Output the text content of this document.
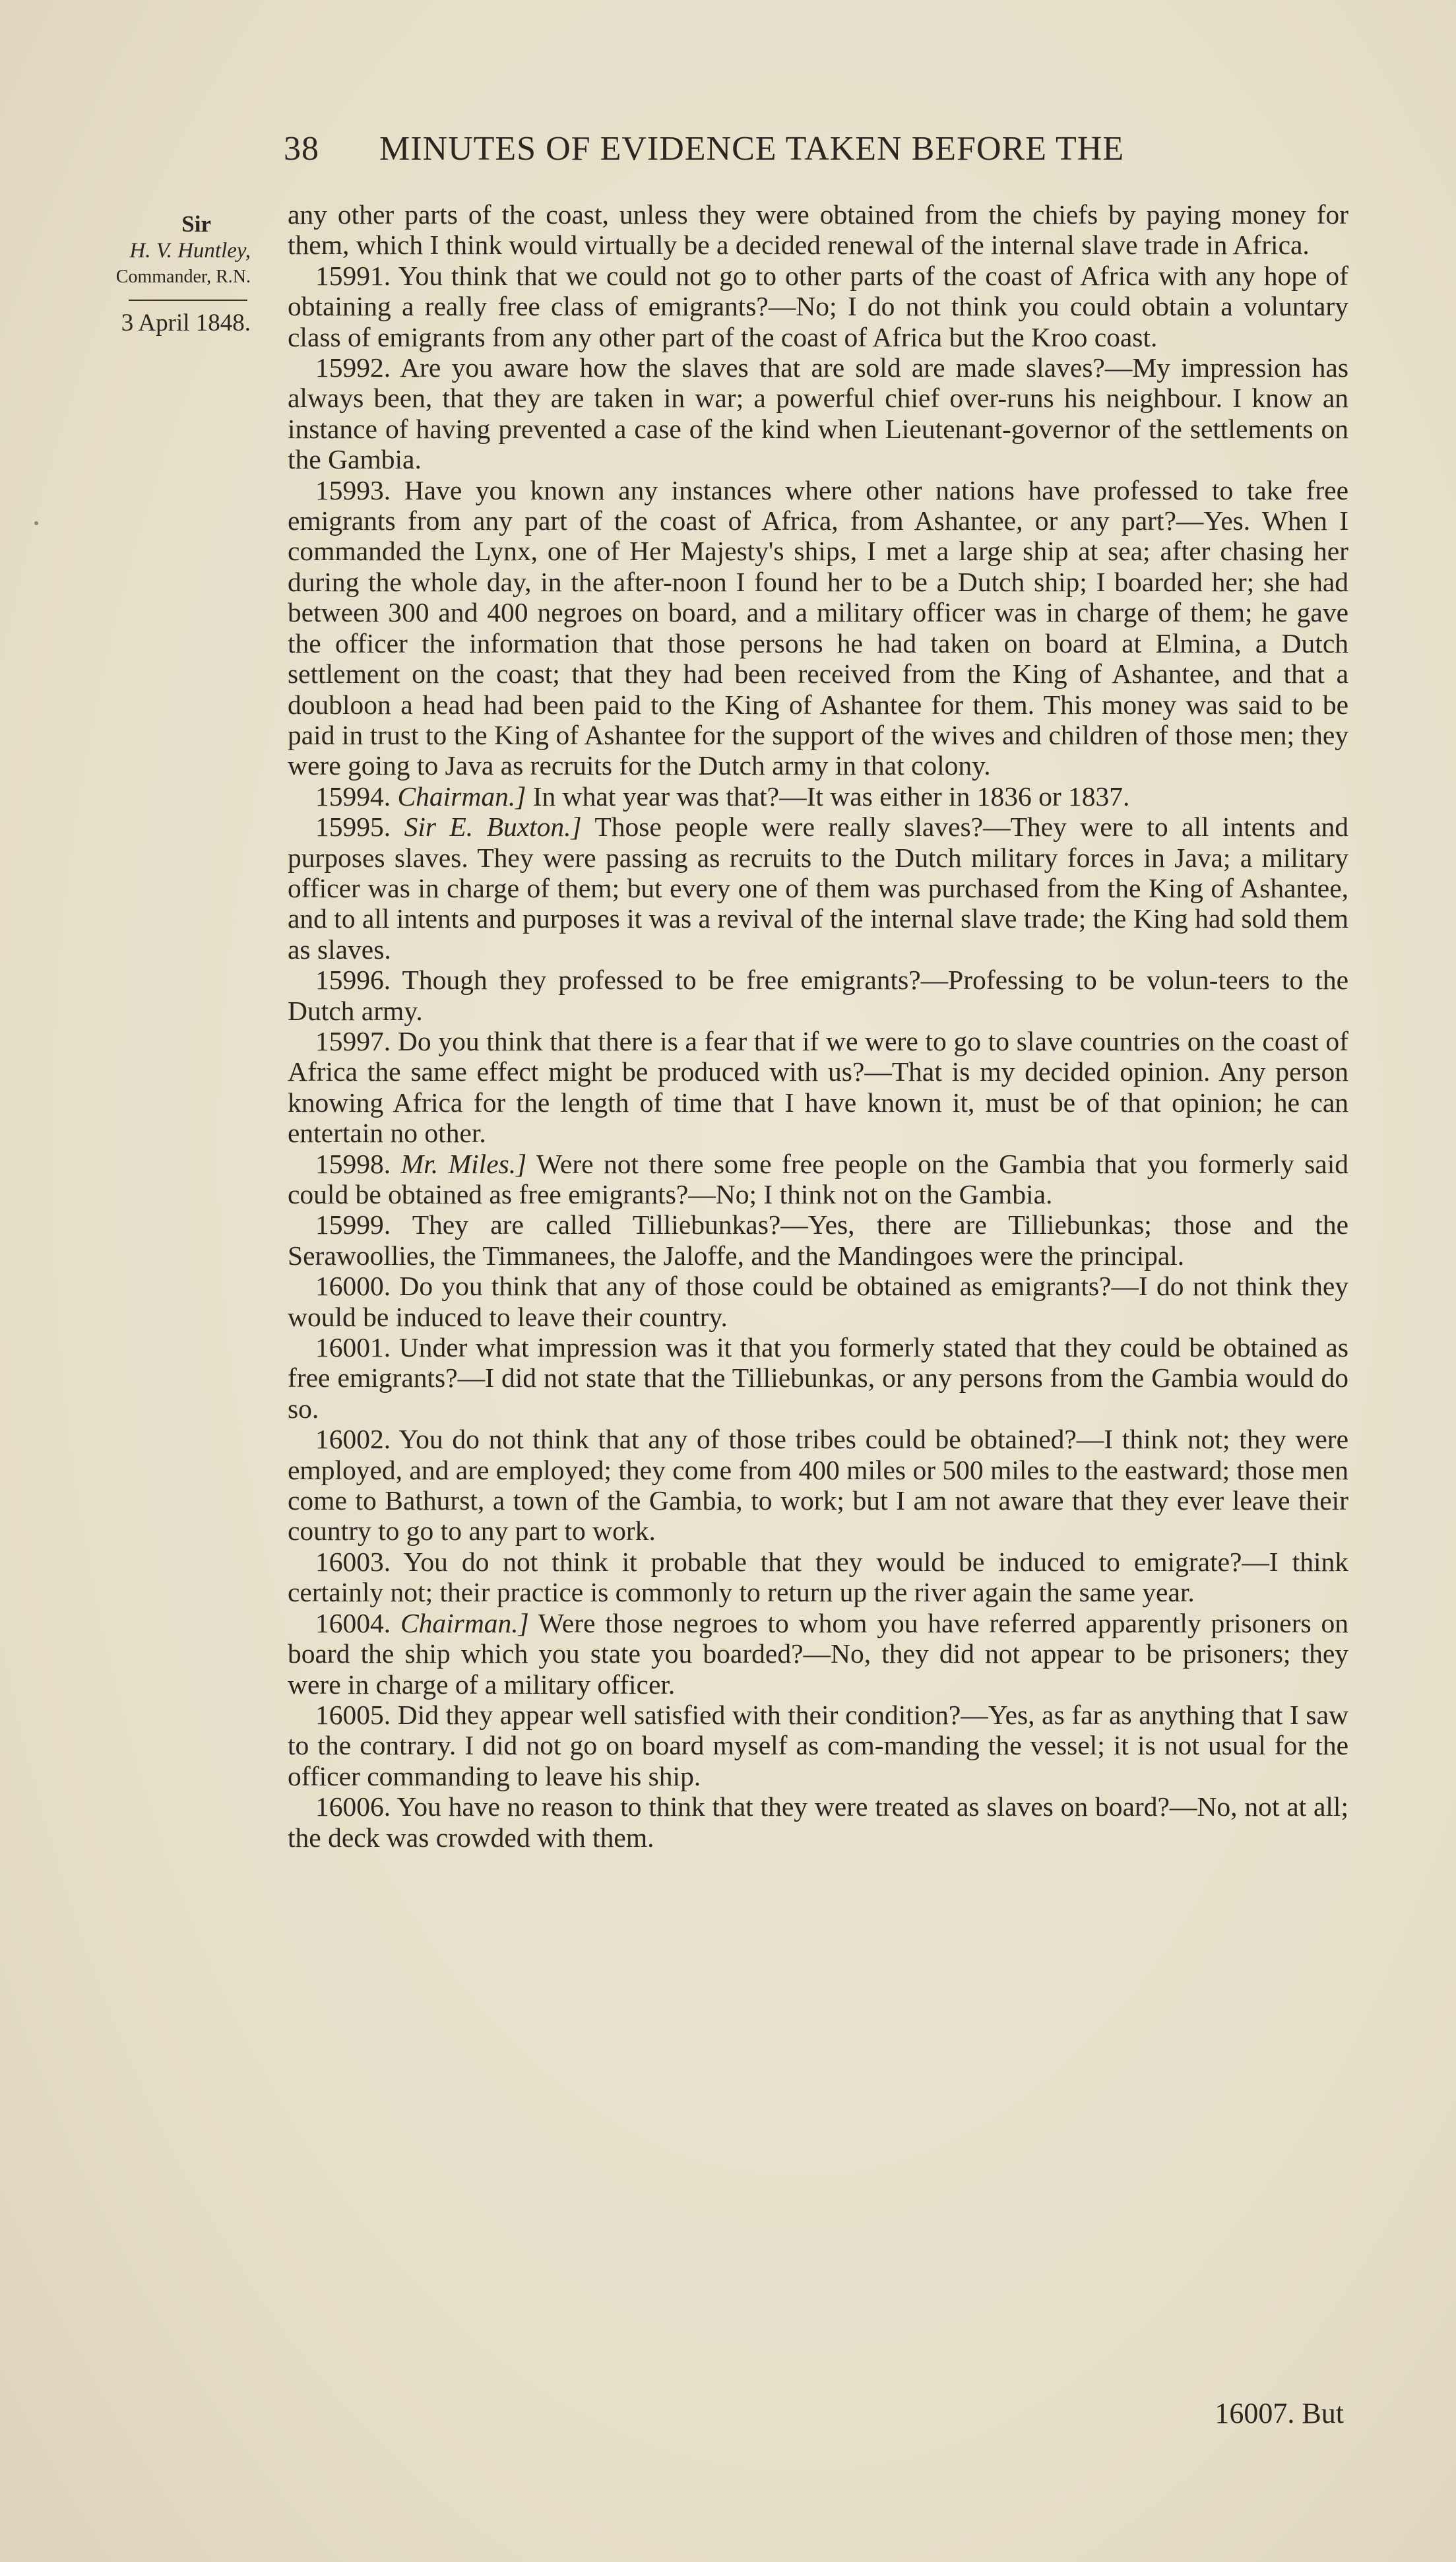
38 MINUTES OF EVIDENCE TAKEN BEFORE THE
Sir
H. V. Huntley,
Commander, R.N.
3 April 1848.

any other parts of the coast, unless they were obtained from the chiefs by paying money for them, which I think would virtually be a decided renewal of the internal slave trade in Africa.

15991. You think that we could not go to other parts of the coast of Africa with any hope of obtaining a really free class of emigrants?—No; I do not think you could obtain a voluntary class of emigrants from any other part of the coast of Africa but the Kroo coast.

15992. Are you aware how the slaves that are sold are made slaves?—My impression has always been, that they are taken in war; a powerful chief over-runs his neighbour. I know an instance of having prevented a case of the kind when Lieutenant-governor of the settlements on the Gambia.

15993. Have you known any instances where other nations have professed to take free emigrants from any part of the coast of Africa, from Ashantee, or any part?—Yes. When I commanded the Lynx, one of Her Majesty's ships, I met a large ship at sea; after chasing her during the whole day, in the after-noon I found her to be a Dutch ship; I boarded her; she had between 300 and 400 negroes on board, and a military officer was in charge of them; he gave the officer the information that those persons he had taken on board at Elmina, a Dutch settlement on the coast; that they had been received from the King of Ashantee, and that a doubloon a head had been paid to the King of Ashantee for them. This money was said to be paid in trust to the King of Ashantee for the support of the wives and children of those men; they were going to Java as recruits for the Dutch army in that colony.

15994. Chairman.] In what year was that?—It was either in 1836 or 1837.

15995. Sir E. Buxton.] Those people were really slaves?—They were to all intents and purposes slaves. They were passing as recruits to the Dutch military forces in Java; a military officer was in charge of them; but every one of them was purchased from the King of Ashantee, and to all intents and purposes it was a revival of the internal slave trade; the King had sold them as slaves.

15996. Though they professed to be free emigrants?—Professing to be volun-teers to the Dutch army.

15997. Do you think that there is a fear that if we were to go to slave countries on the coast of Africa the same effect might be produced with us?—That is my decided opinion. Any person knowing Africa for the length of time that I have known it, must be of that opinion; he can entertain no other.

15998. Mr. Miles.] Were not there some free people on the Gambia that you formerly said could be obtained as free emigrants?—No; I think not on the Gambia.

15999. They are called Tilliebunkas?—Yes, there are Tilliebunkas; those and the Serawoollies, the Timmanees, the Jaloffe, and the Mandingoes were the principal.

16000. Do you think that any of those could be obtained as emigrants?—I do not think they would be induced to leave their country.

16001. Under what impression was it that you formerly stated that they could be obtained as free emigrants?—I did not state that the Tilliebunkas, or any persons from the Gambia would do so.

16002. You do not think that any of those tribes could be obtained?—I think not; they were employed, and are employed; they come from 400 miles or 500 miles to the eastward; those men come to Bathurst, a town of the Gambia, to work; but I am not aware that they ever leave their country to go to any part to work.

16003. You do not think it probable that they would be induced to emigrate?—I think certainly not; their practice is commonly to return up the river again the same year.

16004. Chairman.] Were those negroes to whom you have referred apparently prisoners on board the ship which you state you boarded?—No, they did not appear to be prisoners; they were in charge of a military officer.

16005. Did they appear well satisfied with their condition?—Yes, as far as anything that I saw to the contrary. I did not go on board myself as com-manding the vessel; it is not usual for the officer commanding to leave his ship.

16006. You have no reason to think that they were treated as slaves on board?—No, not at all; the deck was crowded with them.

16007. But
